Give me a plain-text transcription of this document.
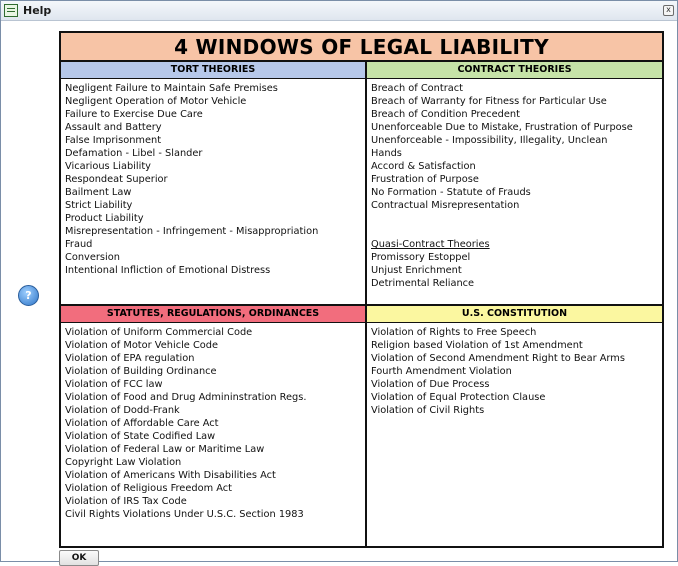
Help	x
?
4 WINDOWS OF LEGAL LIABILITY
TORT THEORIES
Negligent Failure to Maintain Safe Premises
Negligent Operation of Motor Vehicle
Failure to Exercise Due Care
Assault and Battery
False Imprisonment
Defamation - Libel - Slander
Vicarious Liability
Respondeat Superior
Bailment Law
Strict Liability
Product Liability
Misrepresentation - Infringement - Misappropriation
Fraud
Conversion
Intentional Infliction of Emotional Distress
CONTRACT THEORIES
Breach of Contract
Breach of Warranty for Fitness for Particular Use
Breach of Condition Precedent
Unenforceable Due to Mistake, Frustration of Purpose
Unenforceable - Impossibility, Illegality, Unclean
Hands
Accord & Satisfaction
Frustration of Purpose
No Formation - Statute of Frauds
Contractual Misrepresentation
Quasi-Contract Theories
Promissory Estoppel
Unjust Enrichment
Detrimental Reliance
STATUTES, REGULATIONS, ORDINANCES
Violation of Uniform Commercial Code
Violation of Motor Vehicle Code
Violation of EPA regulation
Violation of Building Ordinance
Violation of FCC law
Violation of Food and Drug Admininstration Regs.
Violation of Dodd-Frank
Violation of Affordable Care Act
Violation of State Codified Law
Violation of Federal Law or Maritime Law
Copyright Law Violation
Violation of Americans With Disabilities Act
Violation of Religious Freedom Act
Violation of IRS Tax Code
Civil Rights Violations Under U.S.C. Section 1983
U.S. CONSTITUTION
Violation of Rights to Free Speech
Religion based Violation of 1st Amendment
Violation of Second Amendment Right to Bear Arms
Fourth Amendment Violation
Violation of Due Process
Violation of Equal Protection Clause
Violation of Civil Rights
OK
